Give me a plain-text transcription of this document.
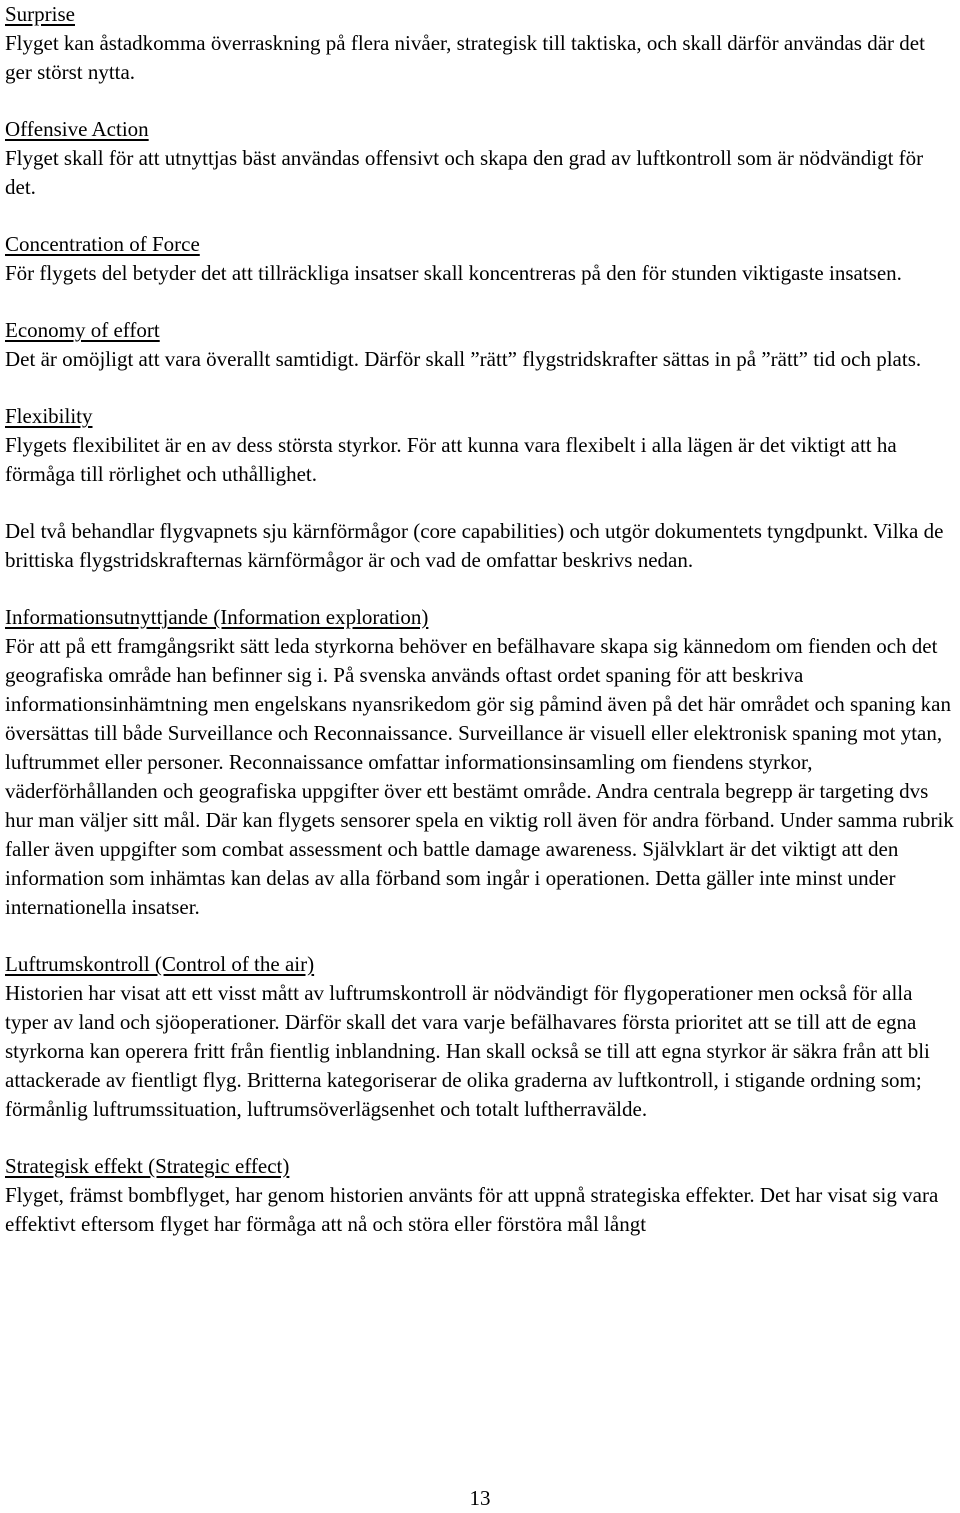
Surprise

Flyget kan åstadkomma överraskning på flera nivåer, strategisk till taktiska, och skall därför användas där det ger störst nytta.

Offensive Action

Flyget skall för att utnyttjas bäst användas offensivt och skapa den grad av luftkontroll som är nödvändigt för det.

Concentration of Force

För flygets del betyder det att tillräckliga insatser skall koncentreras på den för stunden viktigaste insatsen.

Economy of effort

Det är omöjligt att vara överallt samtidigt. Därför skall ”rätt” flygstridskrafter sättas in på ”rätt” tid och plats.

Flexibility

Flygets flexibilitet är en av dess största styrkor. För att kunna vara flexibelt i alla lägen är det viktigt att ha förmåga till rörlighet och uthållighet.

Del två behandlar flygvapnets sju kärnförmågor (core capabilities) och utgör dokumentets tyngdpunkt. Vilka de brittiska flygstridskrafternas kärnförmågor är och vad de omfattar beskrivs nedan.

Informationsutnyttjande (Information exploration)

För att på ett framgångsrikt sätt leda styrkorna behöver en befälhavare skapa sig kännedom om fienden och det geografiska område han befinner sig i. På svenska används oftast ordet spaning för att beskriva informationsinhämtning men engelskans nyansrikedom gör sig påmind även på det här området och spaning kan översättas till både Surveillance och Reconnaissance. Surveillance är visuell eller elektronisk spaning mot ytan, luftrummet eller personer. Reconnaissance omfattar informationsinsamling om fiendens styrkor, väderförhållanden och geografiska uppgifter över ett bestämt område. Andra centrala begrepp är targeting dvs hur man väljer sitt mål. Där kan flygets sensorer spela en viktig roll även för andra förband. Under samma rubrik faller även uppgifter som combat assessment och battle damage awareness. Självklart är det viktigt att den information som inhämtas kan delas av alla förband som ingår i operationen. Detta gäller inte minst under internationella insatser.

Luftrumskontroll (Control of the air)

Historien har visat att ett visst mått av luftrumskontroll är nödvändigt för flygoperationer men också för alla typer av land och sjöoperationer. Därför skall det vara varje befälhavares första prioritet att se till att de egna styrkorna kan operera fritt från fientlig inblandning. Han skall också se till att egna styrkor är säkra från att bli attackerade av fientligt flyg. Britterna kategoriserar de olika graderna av luftkontroll, i stigande ordning som; förmånlig luftrumssituation, luftrumsöverlägsenhet och totalt luftherravälde.

Strategisk effekt (Strategic effect)

Flyget, främst bombflyget, har genom historien använts för att uppnå strategiska effekter. Det har visat sig vara effektivt eftersom flyget har förmåga att nå och störa eller förstöra mål långt

13
